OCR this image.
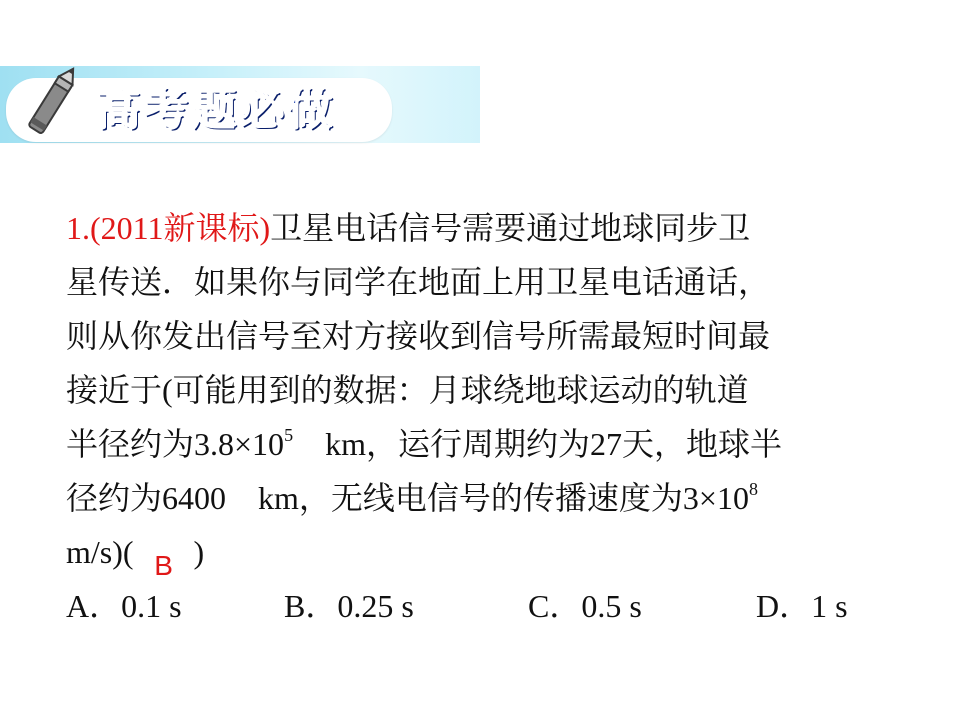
高考题必做
1.(2011新课标)卫星电话信号需要通过地球同步卫
星传送．如果你与同学在地面上用卫星电话通话，
则从你发出信号至对方接收到信号所需最短时间最
接近于(可能用到的数据：月球绕地球运动的轨道
半径约为$3.8\times 10^5$　km，运行周期约为27天，地球半
径约为6400　km，无线电信号的传播速度为$3\times 10^8$
m/s)( B )
A．0.1 s	B．0.25 s	C．0.5 s	D．1 s
